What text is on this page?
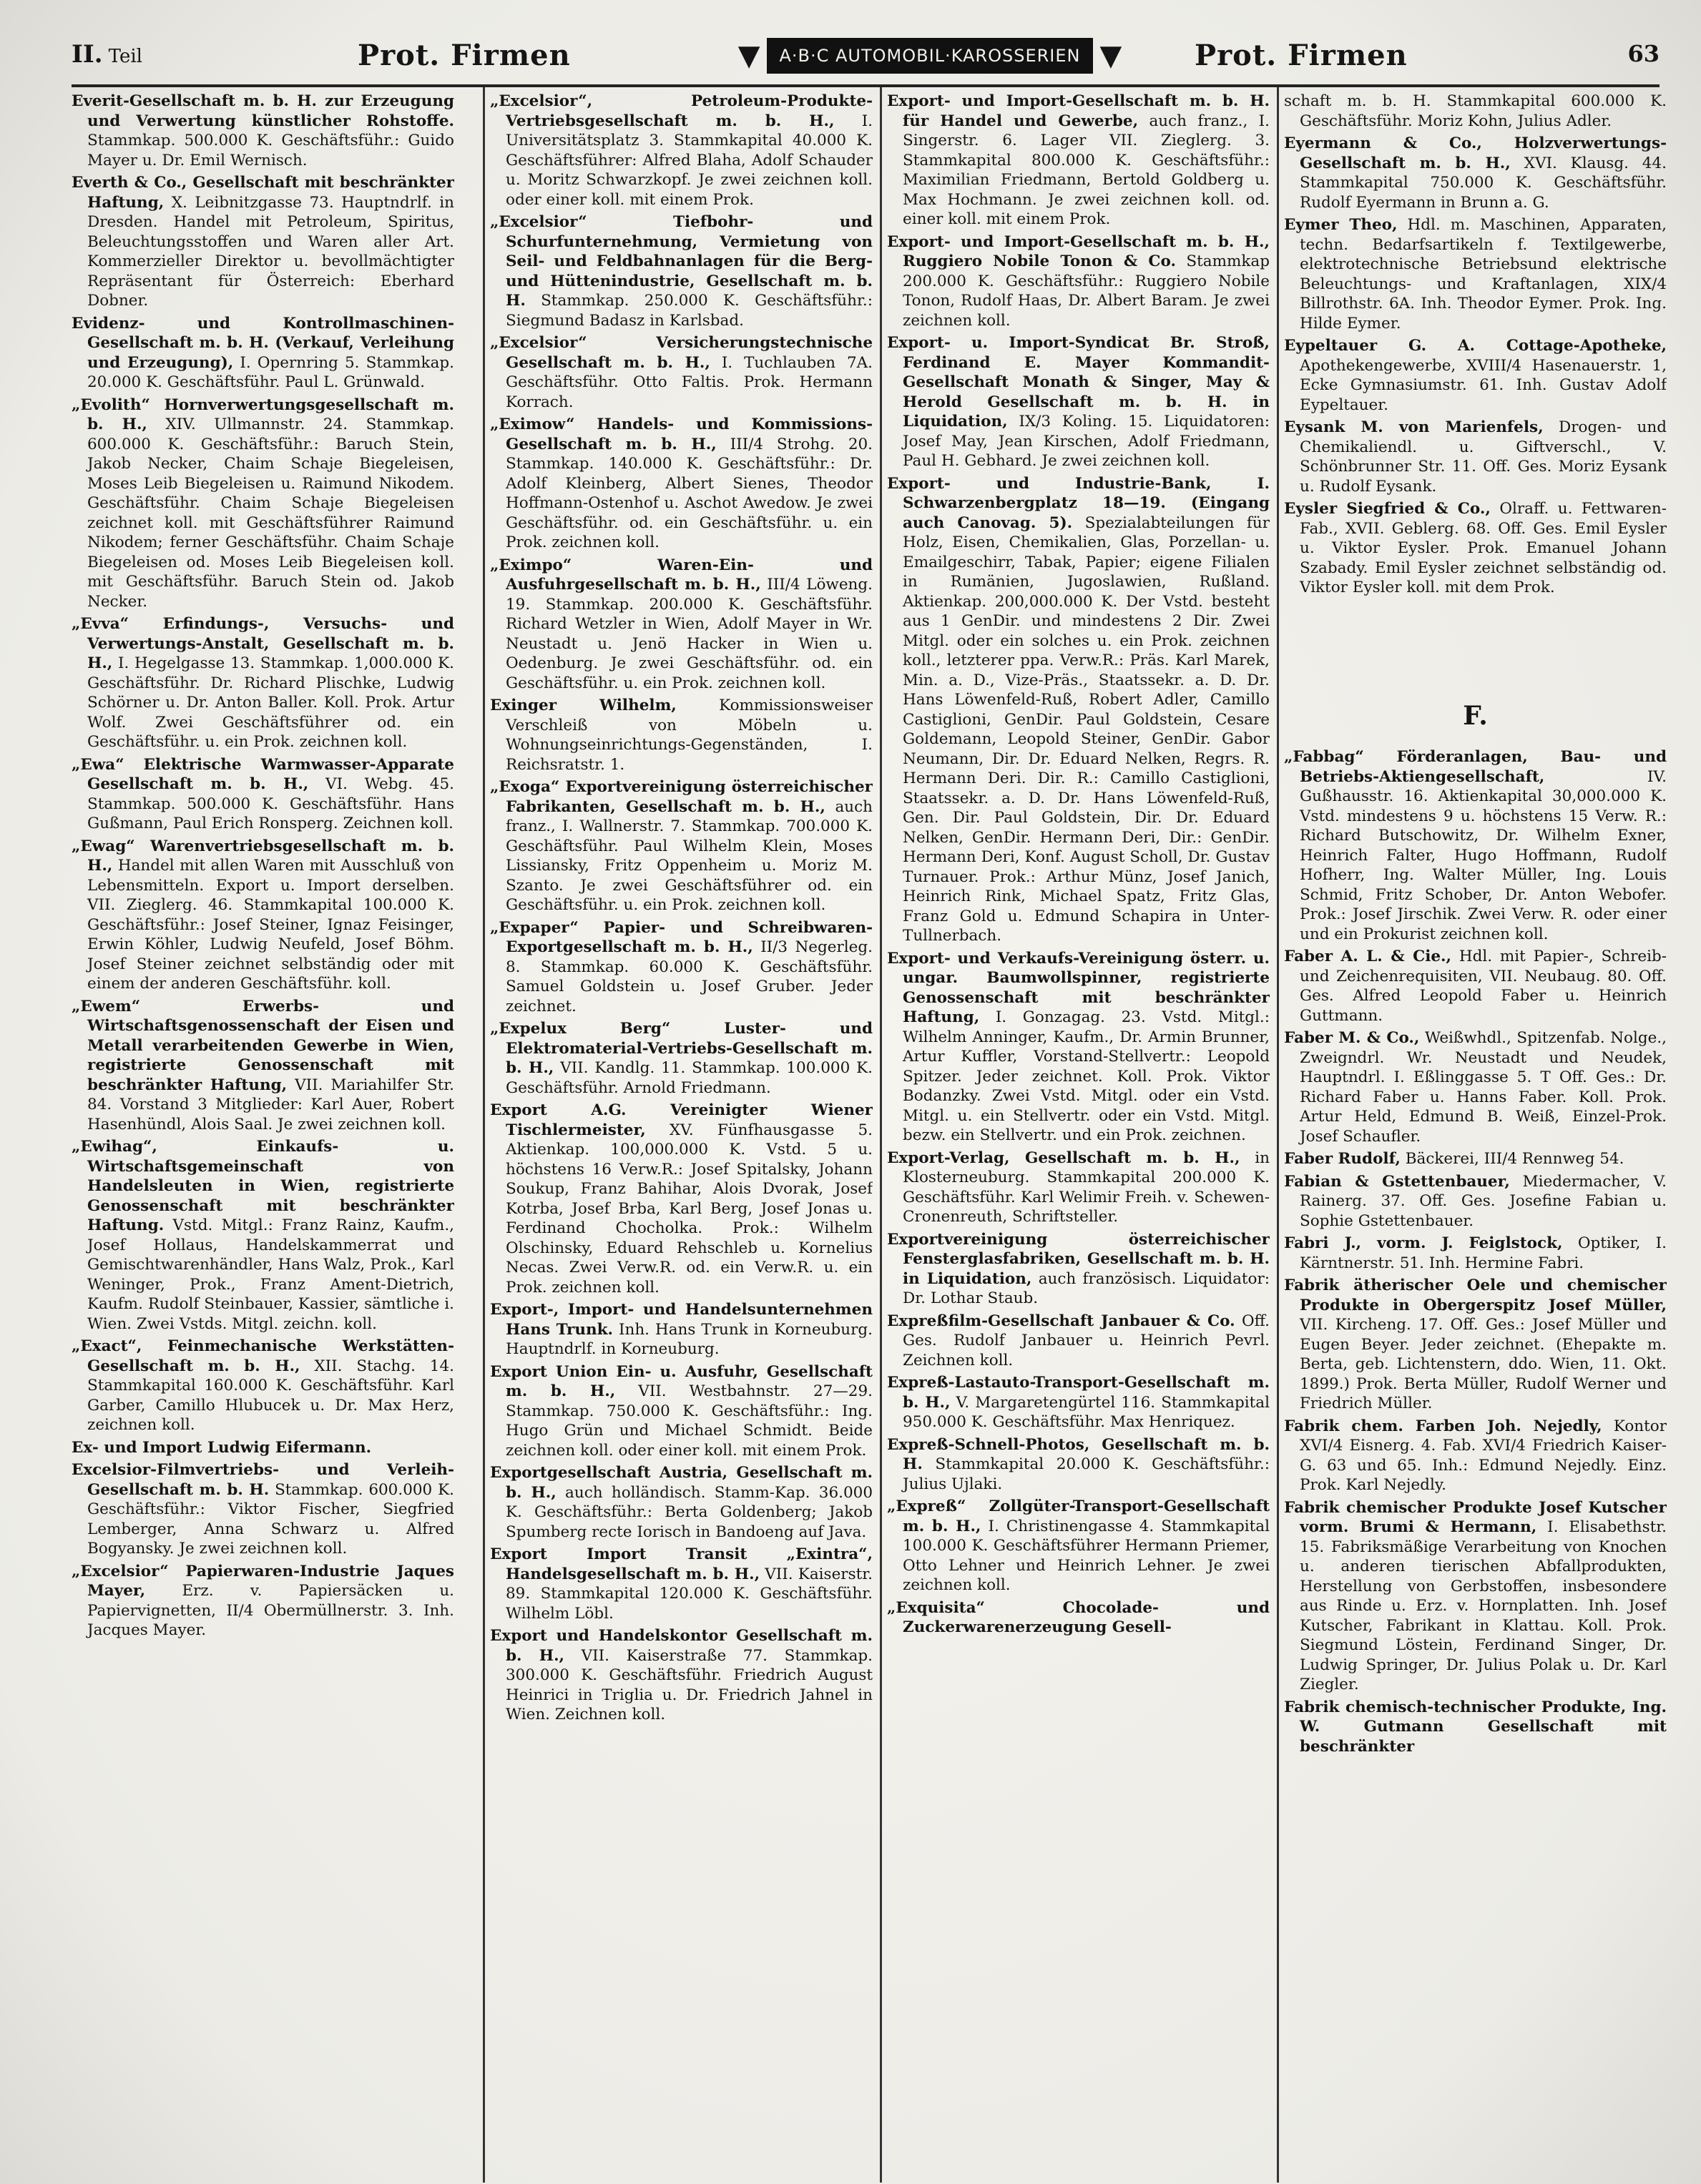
II. Teil	Prot. Firmen	▼	A·B·C AUTOMOBIL·KAROSSERIEN ▼	Prot. Firmen	63

Everit-Gesellschaft m. b. H. zur Erzeugung und Verwertung künstlicher Rohstoffe. Stammkap. 500.000 K. Geschäftsführ.: Guido Mayer u. Dr. Emil Wernisch.

Everth & Co., Gesellschaft mit beschränkter Haftung, X. Leibnitzgasse 73. Hauptndrlf. in Dresden. Handel mit Petroleum, Spiritus, Beleuchtungsstoffen und Waren aller Art. Kommerzieller Direktor u. bevollmächtigter Repräsentant für Österreich: Eberhard Dobner.

Evidenz- und Kontrollmaschinen-Gesellschaft m. b. H. (Verkauf, Verleihung und Erzeugung), I. Opernring 5. Stammkap. 20.000 K. Geschäftsführ. Paul L. Grünwald.

„Evolith“ Hornverwertungsgesellschaft m. b. H., XIV. Ullmannstr. 24. Stammkap. 600.000 K. Geschäftsführ.: Baruch Stein, Jakob Necker, Chaim Schaje Biegeleisen, Moses Leib Biegeleisen u. Raimund Nikodem. Geschäftsführ. Chaim Schaje Biegeleisen zeichnet koll. mit Geschäftsführer Raimund Nikodem; ferner Geschäftsführ. Chaim Schaje Biegeleisen od. Moses Leib Biegeleisen koll. mit Geschäftsführ. Baruch Stein od. Jakob Necker.

„Evva“ Erfindungs-, Versuchs- und Verwertungs-Anstalt, Gesellschaft m. b. H., I. Hegelgasse 13. Stammkap. 1,000.000 K. Geschäftsführ. Dr. Richard Plischke, Ludwig Schörner u. Dr. Anton Baller. Koll. Prok. Artur Wolf. Zwei Geschäftsführer od. ein Geschäftsführ. u. ein Prok. zeichnen koll.

„Ewa“ Elektrische Warmwasser-Apparate Gesellschaft m. b. H., VI. Webg. 45. Stammkap. 500.000 K. Geschäftsführ. Hans Gußmann, Paul Erich Ronsperg. Zeichnen koll.

„Ewag“ Warenvertriebsgesellschaft m. b. H., Handel mit allen Waren mit Ausschluß von Lebensmitteln. Export u. Import derselben. VII. Zieglerg. 46. Stammkapital 100.000 K. Geschäftsführ.: Josef Steiner, Ignaz Feisinger, Erwin Köhler, Ludwig Neufeld, Josef Böhm. Josef Steiner zeichnet selbständig oder mit einem der anderen Geschäftsführ. koll.

„Ewem“ Erwerbs- und Wirtschaftsgenossenschaft der Eisen und Metall verarbeitenden Gewerbe in Wien, registrierte Genossenschaft mit beschränkter Haftung, VII. Mariahilfer Str. 84. Vorstand 3 Mitglieder: Karl Auer, Robert Hasenhündl, Alois Saal. Je zwei zeichnen koll.

„Ewihag“, Einkaufs- u. Wirtschaftsgemeinschaft von Handelsleuten in Wien, registrierte Genossenschaft mit beschränkter Haftung. Vstd. Mitgl.: Franz Rainz, Kaufm., Josef Hollaus, Handelskammerrat und Gemischtwarenhändler, Hans Walz, Prok., Karl Weninger, Prok., Franz Ament-Dietrich, Kaufm. Rudolf Steinbauer, Kassier, sämtliche i. Wien. Zwei Vstds. Mitgl. zeichn. koll.

„Exact“, Feinmechanische Werkstätten-Gesellschaft m. b. H., XII. Stachg. 14. Stammkapital 160.000 K. Geschäftsführ. Karl Garber, Camillo Hlubucek u. Dr. Max Herz, zeichnen koll.

Ex- und Import Ludwig Eifermann.

Excelsior-Filmvertriebs- und Verleih-Gesellschaft m. b. H. Stammkap. 600.000 K. Geschäftsführ.: Viktor Fischer, Siegfried Lemberger, Anna Schwarz u. Alfred Bogyansky. Je zwei zeichnen koll.

„Excelsior“ Papierwaren-Industrie Jaques Mayer, Erz. v. Papiersäcken u. Papiervignetten, II/4 Obermüllnerstr. 3. Inh. Jacques Mayer.

„Excelsior“, Petroleum-Produkte-Vertriebsgesellschaft m. b. H., I. Universitätsplatz 3. Stammkapital 40.000 K. Geschäftsführer: Alfred Blaha, Adolf Schauder u. Moritz Schwarzkopf. Je zwei zeichnen koll. oder einer koll. mit einem Prok.

„Excelsior“ Tiefbohr- und Schurfunternehmung, Vermietung von Seil- und Feldbahnanlagen für die Berg- und Hüttenindustrie, Gesellschaft m. b. H. Stammkap. 250.000 K. Geschäftsführ.: Siegmund Badasz in Karlsbad.

„Excelsior“ Versicherungstechnische Gesellschaft m. b. H., I. Tuchlauben 7A. Geschäftsführ. Otto Faltis. Prok. Hermann Korrach.

„Eximow“ Handels- und Kommissions-Gesellschaft m. b. H., III/4 Strohg. 20. Stammkap. 140.000 K. Geschäftsführ.: Dr. Adolf Kleinberg, Albert Sienes, Theodor Hoffmann-Ostenhof u. Aschot Awedow. Je zwei Geschäftsführ. od. ein Geschäftsführ. u. ein Prok. zeichnen koll.

„Eximpo“ Waren-Ein- und Ausfuhrgesellschaft m. b. H., III/4 Löweng. 19. Stammkap. 200.000 K. Geschäftsführ. Richard Wetzler in Wien, Adolf Mayer in Wr. Neustadt u. Jenö Hacker in Wien u. Oedenburg. Je zwei Geschäftsführ. od. ein Geschäftsführ. u. ein Prok. zeichnen koll.

Exinger Wilhelm,	Kommissionsweiser Verschleiß von Möbeln u. Wohnungseinrichtungs-Gegenständen, I. Reichsratstr. 1.

„Exoga“ Exportvereinigung österreichischer Fabrikanten, Gesellschaft m. b. H., auch franz., I. Wallnerstr. 7. Stammkap. 700.000 K. Geschäftsführ. Paul Wilhelm Klein, Moses Lissiansky, Fritz Oppenheim u. Moriz M. Szanto. Je zwei Geschäftsführer od. ein Geschäftsführ. u. ein Prok. zeichnen koll.

„Expaper“ Papier- und Schreibwaren-Exportgesellschaft m. b. H., II/3 Negerleg. 8. Stammkap. 60.000 K. Geschäftsführ. Samuel Goldstein u. Josef Gruber. Jeder zeichnet.

„Expelux Berg“ Luster- und Elektromaterial-Vertriebs-Gesellschaft m. b. H., VII. Kandlg. 11. Stammkap. 100.000 K. Geschäftsführ. Arnold Friedmann.

Export A.G. Vereinigter Wiener Tischlermeister, XV. Fünfhausgasse 5. Aktienkap. 100,000.000 K. Vstd. 5 u. höchstens 16 Verw.R.: Josef Spitalsky, Johann Soukup, Franz Bahihar, Alois Dvorak, Josef Kotrba, Josef Brba, Karl Berg, Josef Jonas u. Ferdinand Chocholka. Prok.: Wilhelm Olschinsky, Eduard Rehschleb u. Kornelius Necas. Zwei Verw.R. od. ein Verw.R. u. ein Prok. zeichnen koll.

Export-, Import- und Handelsunternehmen Hans Trunk. Inh. Hans Trunk in Korneuburg. Hauptndrlf. in Korneuburg.

Export Union Ein- u. Ausfuhr, Gesellschaft m. b. H., VII. Westbahnstr. 27—29. Stammkap. 750.000 K. Geschäftsführ.: Ing. Hugo Grün und Michael Schmidt. Beide zeichnen koll. oder einer koll. mit einem Prok.

Exportgesellschaft Austria, Gesellschaft m. b. H., auch holländisch. Stamm-Kap. 36.000 K. Geschäftsführ.: Berta Goldenberg; Jakob Spumberg recte Iorisch in Bandoeng auf Java.

Export Import Transit „Exintra“, Handelsgesellschaft m. b. H., VII. Kaiserstr. 89. Stammkapital 120.000 K. Geschäftsführ. Wilhelm Löbl.

Export und Handelskontor Gesellschaft m. b. H., VII. Kaiserstraße 77. Stammkap. 300.000 K. Geschäftsführ. Friedrich August Heinrici in Triglia u. Dr. Friedrich Jahnel in Wien. Zeichnen koll.

Export- und Import-Gesellschaft m. b. H. für Handel und Gewerbe, auch franz., I. Singerstr. 6. Lager VII. Zieglerg. 3. Stammkapital 800.000 K. Geschäftsführ.: Maximilian Friedmann, Bertold Goldberg u. Max Hochmann. Je zwei zeichnen koll. od. einer koll. mit einem Prok.

Export- und Import-Gesellschaft m. b. H., Ruggiero Nobile Tonon & Co. Stammkap 200.000 K. Geschäftsführ.: Ruggiero Nobile Tonon, Rudolf Haas, Dr. Albert Baram. Je zwei zeichnen koll.

Export- u. Import-Syndicat Br. Stroß, Ferdinand E. Mayer Kommandit-Gesellschaft Monath & Singer, May & Herold Gesellschaft m. b. H. in Liquidation, IX/3 Koling. 15. Liquidatoren: Josef May, Jean Kirschen, Adolf Friedmann, Paul H. Gebhard. Je zwei zeichnen koll.

Export- und Industrie-Bank, I. Schwarzenbergplatz 18—19. (Eingang auch Canovag. 5). Spezialabteilungen für Holz, Eisen, Chemikalien, Glas, Porzellan- u. Emailgeschirr, Tabak, Papier; eigene Filialen in Rumänien, Jugoslawien, Rußland. Aktienkap. 200,000.000 K. Der Vstd. besteht aus 1 GenDir. und mindestens 2 Dir. Zwei Mitgl. oder ein solches u. ein Prok. zeichnen koll., letzterer ppa. Verw.R.: Präs. Karl Marek, Min. a. D., Vize-Präs., Staatssekr. a. D. Dr. Hans Löwenfeld-Ruß, Robert Adler, Camillo Castiglioni, GenDir. Paul Goldstein, Cesare Goldemann, Leopold Steiner, GenDir. Gabor Neumann, Dir. Dr. Eduard Nelken, Regrs. R. Hermann Deri. Dir. R.: Camillo Castiglioni, Staatssekr. a. D. Dr. Hans Löwenfeld-Ruß, Gen. Dir. Paul Goldstein, Dir. Dr. Eduard Nelken, GenDir. Hermann Deri, Dir.: GenDir. Hermann Deri, Konf. August Scholl, Dr. Gustav Turnauer. Prok.: Arthur Münz, Josef Janich, Heinrich Rink, Michael Spatz, Fritz Glas, Franz Gold u. Edmund Schapira in Unter-Tullnerbach.

Export- und Verkaufs-Vereinigung österr. u. ungar. Baumwollspinner, registrierte Genossenschaft mit beschränkter Haftung, I. Gonzagag. 23. Vstd. Mitgl.: Wilhelm Anninger, Kaufm., Dr. Armin Brunner, Artur Kuffler, Vorstand-Stellvertr.: Leopold Spitzer. Jeder zeichnet. Koll. Prok. Viktor Bodanzky. Zwei Vstd. Mitgl. oder ein Vstd. Mitgl. u. ein Stellvertr. oder ein Vstd. Mitgl. bezw. ein Stellvertr. und ein Prok. zeichnen.

Export-Verlag, Gesellschaft m. b. H., in Klosterneuburg. Stammkapital 200.000 K. Geschäftsführ. Karl Welimir Freih. v. Schewen-Cronenreuth, Schriftsteller.

Exportvereinigung österreichischer Fensterglasfabriken, Gesellschaft m. b. H. in Liquidation, auch französisch. Liquidator: Dr. Lothar Staub.

Expreßfilm-Gesellschaft Janbauer & Co. Off. Ges. Rudolf Janbauer u. Heinrich Pevrl. Zeichnen koll.

Expreß-Lastauto-Transport-Gesellschaft m. b. H., V. Margaretengürtel 116. Stammkapital 950.000 K. Geschäftsführ. Max Henriquez.

Expreß-Schnell-Photos, Gesellschaft m. b. H. Stammkapital 20.000 K. Geschäftsführ.: Julius Ujlaki.

„Expreß“ Zollgüter-Transport-Gesellschaft m. b. H., I. Christinengasse 4. Stammkapital 100.000 K. Geschäftsführer Hermann Priemer, Otto Lehner und Heinrich Lehner. Je zwei zeichnen koll.

„Exquisita“ Chocolade- und Zuckerwarenerzeugung Gesell-

schaft m. b. H. Stammkapital 600.000 K. Geschäftsführ. Moriz Kohn, Julius Adler.

Eyermann & Co., Holzverwertungs-Gesellschaft m. b. H., XVI. Klausg. 44. Stammkapital 750.000 K. Geschäftsführ. Rudolf Eyermann in Brunn a. G.

Eymer Theo, Hdl. m. Maschinen, Apparaten, techn. Bedarfsartikeln f. Textilgewerbe, elektrotechnische Betriebsund elektrische Beleuchtungs- und Kraftanlagen, XIX/4 Billrothstr. 6A. Inh. Theodor Eymer. Prok. Ing. Hilde Eymer.

Eypeltauer G. A. Cottage-Apotheke, Apothekengewerbe, XVIII/4 Hasenauerstr. 1, Ecke Gymnasiumstr. 61. Inh. Gustav Adolf Eypeltauer.

Eysank M. von Marienfels, Drogen- und Chemikaliendl. u. Giftverschl., V. Schönbrunner Str. 11. Off. Ges. Moriz Eysank u. Rudolf Eysank.

Eysler Siegfried & Co., Olraff. u. Fettwaren-Fab., XVII. Geblerg. 68. Off. Ges. Emil Eysler u. Viktor Eysler. Prok. Emanuel Johann Szabady. Emil Eysler zeichnet selbständig od. Viktor Eysler koll. mit dem Prok.

F.

„Fabbag“ Förderanlagen, Bau- und Betriebs-Aktiengesellschaft,	IV. Gußhausstr. 16. Aktienkapital 30,000.000 K. Vstd. mindestens 9 u. höchstens 15 Verw. R.: Richard Butschowitz, Dr. Wilhelm Exner, Heinrich Falter, Hugo Hoffmann, Rudolf Hofherr, Ing. Walter Müller, Ing. Louis Schmid, Fritz Schober, Dr. Anton Webofer. Prok.: Josef Jirschik. Zwei Verw. R. oder einer und ein Prokurist zeichnen koll.

Faber A. L. & Cie., Hdl. mit Papier-, Schreib- und Zeichenrequisiten, VII. Neubaug. 80. Off. Ges. Alfred Leopold Faber u. Heinrich Guttmann.

Faber M. & Co., Weißwhdl., Spitzenfab. Nolge., Zweigndrl. Wr. Neustadt und Neudek, Hauptndrl. I. Eßlinggasse 5. T Off. Ges.: Dr. Richard Faber u. Hanns Faber. Koll. Prok. Artur Held, Edmund B. Weiß, Einzel-Prok. Josef Schaufler.

Faber Rudolf, Bäckerei, III/4 Rennweg 54.

Fabian & Gstettenbauer, Miedermacher, V. Rainerg. 37. Off. Ges. Josefine Fabian u. Sophie Gstettenbauer.

Fabri J., vorm. J. Feiglstock, Optiker, I. Kärntnerstr. 51. Inh. Hermine Fabri.

Fabrik ätherischer Oele und chemischer Produkte in Obergerspitz Josef Müller, VII. Kircheng. 17. Off. Ges.: Josef Müller und Eugen Beyer. Jeder zeichnet. (Ehepakte m. Berta, geb. Lichtenstern, ddo. Wien, 11. Okt. 1899.) Prok. Berta Müller, Rudolf Werner und Friedrich Müller.

Fabrik chem. Farben Joh. Nejedly, Kontor XVI/4 Eisnerg. 4. Fab. XVI/4 Friedrich Kaiser-G. 63 und 65. Inh.: Edmund Nejedly. Einz. Prok. Karl Nejedly.

Fabrik chemischer Produkte Josef Kutscher vorm. Brumi & Hermann, I. Elisabethstr. 15. Fabriksmäßige Verarbeitung von Knochen u. anderen tierischen Abfallprodukten, Herstellung von Gerbstoffen, insbesondere aus Rinde u. Erz. v. Hornplatten. Inh. Josef Kutscher, Fabrikant in Klattau. Koll. Prok. Siegmund Löstein, Ferdinand Singer, Dr. Ludwig Springer, Dr. Julius Polak u. Dr. Karl Ziegler.

Fabrik chemisch-technischer Produkte, Ing. W. Gutmann Gesellschaft mit beschränkter
